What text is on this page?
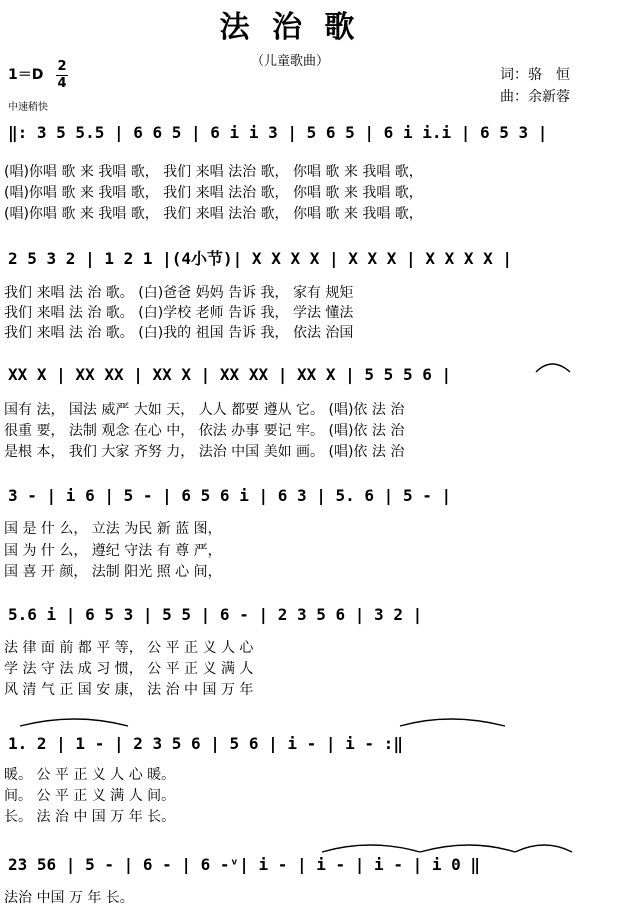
法 治 歌
（儿童歌曲）
1＝D
2
4
中速稍快
词：骆　恒
曲：余新蓉
‖: 3 5 5.5 | 6 6 5 | 6 i i 3 | 5 6 5 | 6 i i.i | 6 5 3 |
(唱)你唱 歌 来 我唱 歌， 我们 来唱 法治 歌， 你唱 歌 来 我唱 歌，
(唱)你唱 歌 来 我唱 歌， 我们 来唱 法治 歌， 你唱 歌 来 我唱 歌，
(唱)你唱 歌 来 我唱 歌， 我们 来唱 法治 歌， 你唱 歌 来 我唱 歌，
2 5 3 2 | 1 2 1 |(4小节)| X X X X | X X X | X X X X |
我们 来唱 法 治 歌。 (白)爸爸 妈妈 告诉 我， 家有 规矩
我们 来唱 法 治 歌。 (白)学校 老师 告诉 我， 学法 懂法
我们 来唱 法 治 歌。 (白)我的 祖国 告诉 我， 依法 治国
XX X | XX XX | XX X | XX XX | XX X | 5 5 5 6 |
国有 法， 国法 威严 大如 天， 人人 都要 遵从 它。 (唱)依 法 治
很重 要， 法制 观念 在心 中， 依法 办事 要记 牢。 (唱)依 法 治
是根 本， 我们 大家 齐努 力， 法治 中国 美如 画。 (唱)依 法 治
3 - | i 6 | 5 - | 6 5 6 i | 6 3 | 5. 6 | 5 - |
国 是 什 么， 立法 为民 新 蓝 图，
国 为 什 么， 遵纪 守法 有 尊 严，
国 喜 开 颜， 法制 阳光 照 心 间，
5.6 i | 6 5 3 | 5 5 | 6 - | 2 3 5 6 | 3 2 |
法 律 面 前 都 平 等， 公 平 正 义 人 心
学 法 守 法 成 习 惯， 公 平 正 义 满 人
风 清 气 正 国 安 康， 法 治 中 国 万 年
1. 2 | 1 - | 2 3 5 6 | 5 6 | i - | i - :‖
暖。 公 平 正 义 人 心 暖。
间。 公 平 正 义 满 人 间。
长。 法 治 中 国 万 年 长。
23 56 | 5 - | 6 - | 6 -ᵛ| i - | i - | i - | i 0 ‖
法治 中国 万 年 长。
